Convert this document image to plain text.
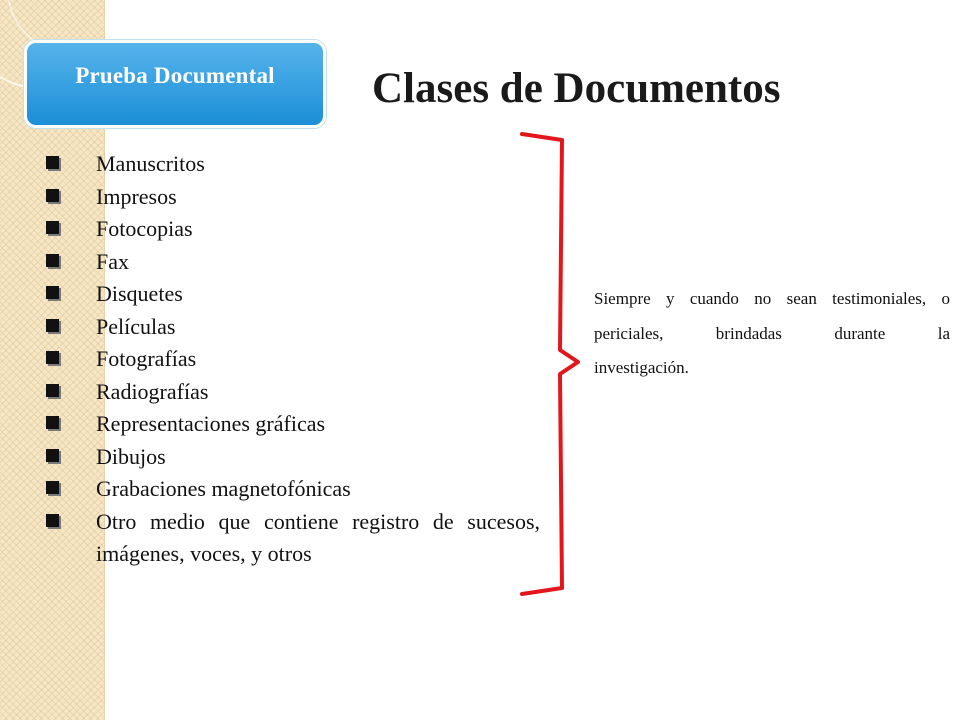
Prueba Documental	Clases de Documentos
Manuscritos
Impresos
Fotocopias
Fax
Disquetes
Películas
Fotografías
Radiografías
Representaciones gráficas
Dibujos
Grabaciones magnetofónicas
Otro medio que contiene registro de sucesos, imágenes, voces, y otros
Siempre y cuando no sean testimoniales, o periciales, brindadas durante la
investigación.
